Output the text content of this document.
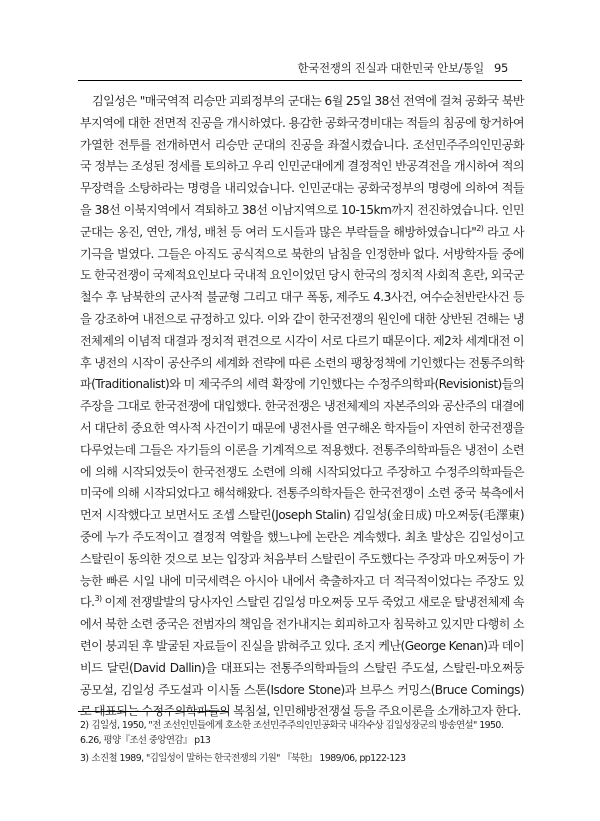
한국전쟁의 진실과 대한민국 안보/통일 95

김일성은 "매국역적 리승만 괴뢰정부의 군대는 6월 25일 38선 전역에 걸쳐 공화국 북반부지역에 대한 전면적 진공을 개시하였다. 용감한 공화국경비대는 적들의 침공에 항거하여 가열한 전투를 전개하면서 리승만 군대의 진공을 좌절시켰습니다. 조선민주주의인민공화국 정부는 조성된 정세를 토의하고 우리 인민군대에게 결정적인 반공격전을 개시하여 적의 무장력을 소탕하라는 명령을 내리었습니다. 인민군대는 공화국정부의 명령에 의하여 적들을 38선 이북지역에서 격퇴하고 38선 이남지역으로 10-15km까지 전진하였습니다. 인민군대는 옹진, 연안, 개성, 배천 등 여러 도시들과 많은 부락들을 해방하였습니다"$^{2)}$ 라고 사기극을 벌였다. 그들은 아직도 공식적으로 북한의 남침을 인정한바 없다. 서방학자들 중에도 한국전쟁이 국제적요인보다 국내적 요인이었던 당시 한국의 정치적 사회적 혼란, 외국군철수 후 남북한의 군사적 불균형 그리고 대구 폭동, 제주도 4.3사건, 여수순천반란사건 등을 강조하여 내전으로 규정하고 있다. 이와 같이 한국전쟁의 원인에 대한 상반된 견해는 냉전체제의 이념적 대결과 정치적 편견으로 시각이 서로 다르기 때문이다. 제2차 세계대전 이후 냉전의 시작이 공산주의 세계화 전략에 따른 소련의 팽창정책에 기인했다는 전통주의학파(Traditionalist)와 미 제국주의 세력 확장에 기인했다는 수정주의학파(Revisionist)들의 주장을 그대로 한국전쟁에 대입했다. 한국전쟁은 냉전체제의 자본주의와 공산주의 대결에서 대단히 중요한 역사적 사건이기 때문에 냉전사를 연구해온 학자들이 자연히 한국전쟁을 다루었는데 그들은 자기들의 이론을 기계적으로 적용했다. 전통주의학파들은 냉전이 소련에 의해 시작되었듯이 한국전쟁도 소련에 의해 시작되었다고 주장하고 수정주의학파들은 미국에 의해 시작되었다고 해석해왔다. 전통주의학자들은 한국전쟁이 소련 중국 북측에서 먼저 시작했다고 보면서도 조셉 스탈린(Joseph Stalin) 김일성(金日成) 마오쩌둥(毛澤東) 중에 누가 주도적이고 결정적 역할을 했느냐에 논란은 계속했다. 최초 발상은 김일성이고 스탈린이 동의한 것으로 보는 입장과 처음부터 스탈린이 주도했다는 주장과 마오쩌둥이 가능한 빠른 시일 내에 미국세력은 아시아 내에서 축출하자고 더 적극적이었다는 주장도 있다.$^{3)}$ 이제 전쟁발발의 당사자인 스탈린 김일성 마오쩌둥 모두 죽었고 새로운 탈냉전체제 속에서 북한 소련 중국은 전범자의 책임을 전가내지는 회피하고자 침묵하고 있지만 다행히 소련이 붕괴된 후 발굴된 자료들이 진실을 밝혀주고 있다. 조지 케난(George Kenan)과 데이비드 달린(David Dallin)을 대표되는 전통주의학파들의 스탈린 주도설, 스탈린-마오쩌둥 공모설, 김일성 주도설과 이시돌 스톤(Isdore Stone)과 브루스 커밍스(Bruce Comings)로 대표되는 수정주의학파들의 복침설, 인민해방전쟁설 등을 주요이론을 소개하고자 한다.

2) 김일성, 1950, "전 조선인민들에게 호소한 조선민주주의인민공화국 내각수상 김일성장군의 방송연설" 1950. 6.26, 평양『조선 중앙연감』 p13
3) 소진철 1989, "김일성이 말하는 한국전쟁의 기원" 『북한』 1989/06, pp122-123
